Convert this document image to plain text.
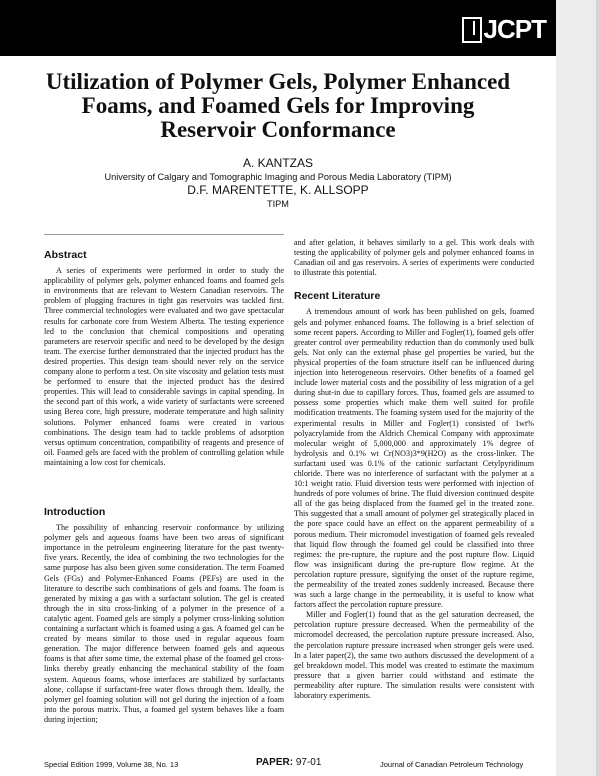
JCPT
Utilization of Polymer Gels, Polymer Enhanced Foams, and Foamed Gels for Improving Reservoir Conformance
A. KANTZAS
University of Calgary and Tomographic Imaging and Porous Media Laboratory (TIPM)
D.F. MARENTETTE, K. ALLSOPP
TIPM
Abstract

A series of experiments were performed in order to study the applicability of polymer gels, polymer enhanced foams and foamed gels in environments that are relevant to Western Canadian reservoirs. The problem of plugging fractures in tight gas reservoirs was tackled first. Three commercial technologies were evaluated and two gave spectacular results for carbonate core from Western Alberta. The testing experience led to the conclusion that chemical compositions and operating parameters are reservoir specific and need to be developed by the design team. The exercise further demonstrated that the injected product has the desired properties. This design team should never rely on the service company alone to perform a test. On site viscosity and gelation tests must be performed to ensure that the injected product has the desired properties. This will lead to considerable savings in capital spending. In the second part of this work, a wide variety of surfactants were screened using Berea core, high pressure, moderate temperature and high salinity solutions. Polymer enhanced foams were created in various combinations. The design team had to tackle problems of adsorption versus optimum concentration, compatibility of reagents and presence of oil. Foamed gels are faced with the problem of controlling gelation while maintaining a low cost for chemicals.

Introduction

The possibility of enhancing reservoir conformance by utilizing polymer gels and aqueous foams have been two areas of significant importance in the petroleum engineering literature for the past twenty-five years. Recently, the idea of combining the two technologies for the same purpose has also been given some consideration. The term Foamed Gels (FGs) and Polymer-Enhanced Foams (PEFs) are used in the literature to describe such combinations of gels and foams. The foam is generated by mixing a gas with a surfactant solution. The gel is created through the in situ cross-linking of a polymer in the presence of a catalytic agent. Foamed gels are simply a polymer cross-linking solution containing a surfactant which is foamed using a gas. A foamed gel can be created by means similar to those used in regular aqueous foam generation. The major difference between foamed gels and aqueous foams is that after some time, the external phase of the foamed gel cross-links thereby greatly enhancing the mechanical stability of the foam system. Aqueous foams, whose interfaces are stabilized by surfactants alone, collapse if surfactant-free water flows through them. Ideally, the polymer gel foaming solution will not gel during the injection of a foam into the porous matrix. Thus, a foamed gel system behaves like a foam during injection;

and after gelation, it behaves similarly to a gel. This work deals with testing the applicability of polymer gels and polymer enhanced foams in Canadian oil and gas reservoirs. A series of experiments were conducted to illustrate this potential.

Recent Literature

A tremendous amount of work has been published on gels, foamed gels and polymer enhanced foams. The following is a brief selection of some recent papers. According to Miller and Fogler(1), foamed gels offer greater control over permeability reduction than do commonly used bulk gels. Not only can the external phase gel properties be varied, but the physical properties of the foam structure itself can be influenced during injection into heterogeneous reservoirs. Other benefits of a foamed gel include lower material costs and the possibility of less migration of a gel during shut-in due to capillary forces. Thus, foamed gels are assumed to possess some properties which make them well suited for profile modification treatments. The foaming system used for the majority of the experimental results in Miller and Fogler(1) consisted of 1wt% polyacrylamide from the Aldrich Chemical Company with approximate molecular weight of 5,000,000 and approximately 1% degree of hydrolysis and 0.1% wt Cr(NO3)3*9(H2O) as the cross-linker. The surfactant used was 0.1% of the cationic surfactant Cetylpyridinum chloride. There was no interference of surfactant with the polymer at a 10:1 weight ratio. Fluid diversion tests were performed with injection of hundreds of pore volumes of brine. The fluid diversion continued despite all of the gas being displaced from the foamed gel in the treated zone. This suggested that a small amount of polymer gel strategically placed in the pore space could have an effect on the apparent permeability of a porous medium. Their micromodel investigation of foamed gels revealed that liquid flow through the foamed gel could be classified into three regimes: the pre-rupture, the rupture and the post rupture flow. Liquid flow was insignificant during the pre-rupture flow regime. At the percolation rupture pressure, signifying the onset of the rupture regime, the permeability of the treated zones suddenly increased. Because there was such a large change in the permeability, it is useful to know what factors affect the percolation rupture pressure.

Miller and Fogler(1) found that as the gel saturation decreased, the percolation rupture pressure decreased. When the permeability of the micromodel decreased, the percolation rupture pressure increased. Also, the percolation rupture pressure increased when stronger gels were used. In a later paper(2), the same two authors discussed the development of a gel breakdown model. This model was created to estimate the maximum pressure that a given barrier could withstand and estimate the permeability after rupture. The simulation results were consistent with laboratory experiments.

Special Edition 1999, Volume 38, No. 13	PAPER: 97-01	Journal of Canadian Petroleum Technology
